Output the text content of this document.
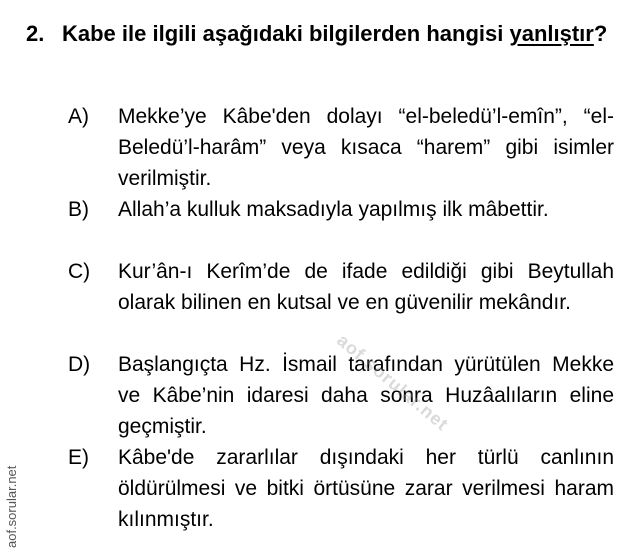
2. Kabe ile ilgili aşağıdaki bilgilerden hangisi yanlıştır?
A) Mekke’ye Kâbe'den dolayı “el-beledü’l-emîn”, “el-Beledü’l-harâm” veya kısaca “harem” gibi isimler verilmiştir.
B) Allah’a kulluk maksadıyla yapılmış ilk mâbettir.
C) Kur’ân-ı Kerîm’de de ifade edildiği gibi Beytullah olarak bilinen en kutsal ve en güvenilir mekândır.
D) Başlangıçta Hz. İsmail tarafından yürütülen Mekke ve Kâbe’nin idaresi daha sonra Huzâalıların eline geçmiştir.
E) Kâbe'de zararlılar dışındaki her türlü canlının öldürülmesi ve bitki örtüsüne zarar verilmesi haram kılınmıştır.
aof.sorular.net
aof.sorular.net
